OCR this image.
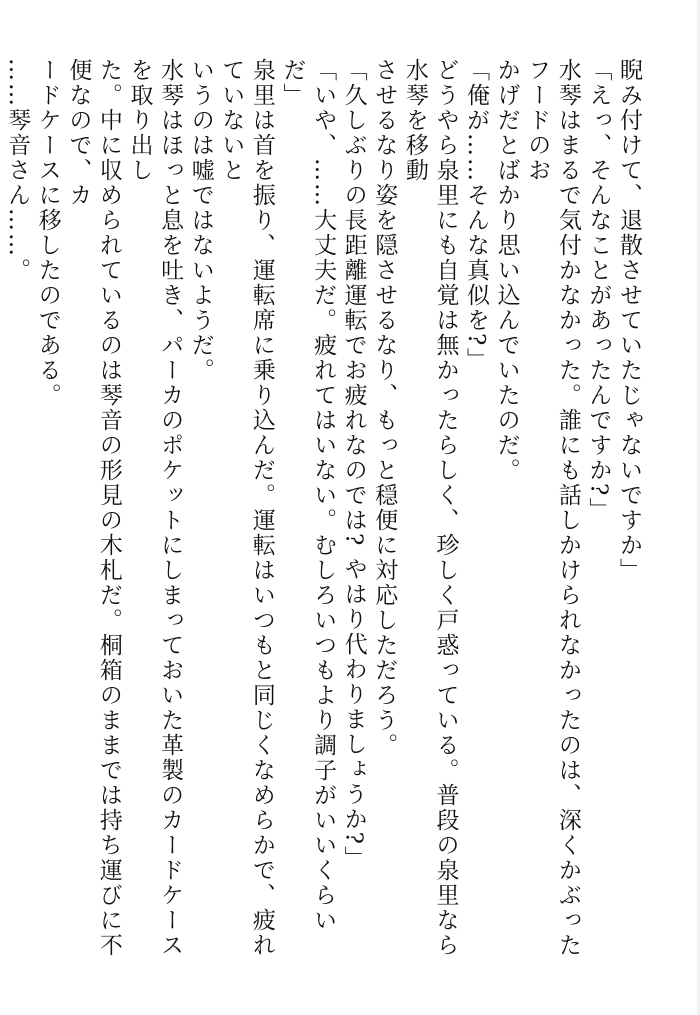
睨み付けて、退散させていたじゃないですか」

「えっ、そんなことがあったんですか?」

水琴はまるで気付かなかった。誰にも話しかけられなかったのは、深くかぶったフードのお

かげだとばかり思い込んでいたのだ。

「俺が……そんな真似を?」

どうやら泉里にも自覚は無かったらしく、珍しく戸惑っている。普段の泉里なら水琴を移動

させるなり姿を隠させるなり、もっと穏便に対応しただろう。

「久しぶりの長距離運転でお疲れなのでは? やはり代わりましょうか?」

「いや、……大丈夫だ。疲れてはいない。むしろいつもより調子がいいくらいだ」

泉里は首を振り、運転席に乗り込んだ。運転はいつもと同じくなめらかで、疲れていないと

いうのは嘘ではないようだ。

水琴はほっと息を吐き、パーカのポケットにしまっておいた革製のカードケースを取り出し

た。中に収められているのは琴音の形見の木札だ。桐箱のままでは持ち運びに不便なので、カ

ードケースに移したのである。

……琴音さん……。
